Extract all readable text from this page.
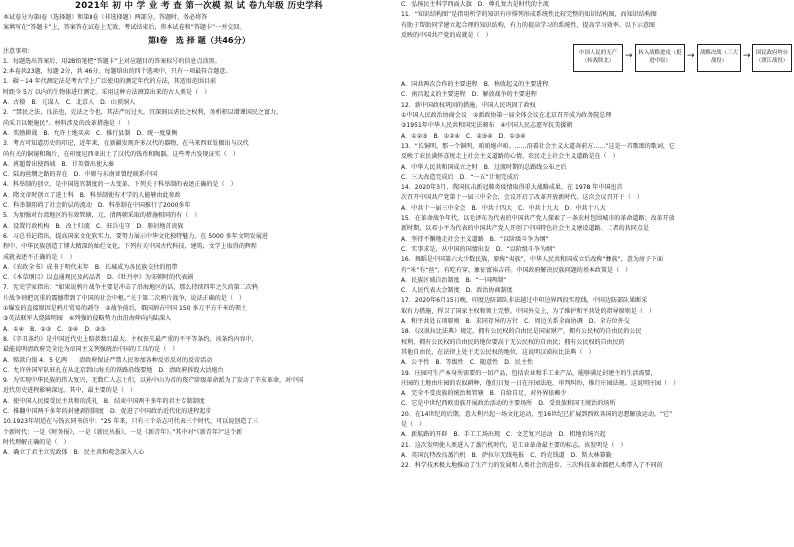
2021年 初 中 学 业 考 查 第一次模 拟 试 卷九年级 历史学科
本试卷分为第Ⅰ卷（选择题）和第Ⅱ卷（非选择题）两部分。答题时，务必将答
案填写在“答题卡”上，答案答在试卷上无效。考试结束后，将本试卷和“答题卡”一并交回。
第Ⅰ卷　选 择 题（共46分）
注意事项：
1．每题选出答案后，用2B铅笔把“答题卡”上对应题目的答案标号的信息点涂黑。
2.本卷共23题，每题 2分，共 46分。每题给出的四个选项中，只有一项最符合题意。
1．碳－14 年代测定法是考古学上广泛使用的测定年代的方法，其适用范围目前
时距今 5万 以内的生物体进行测定。采用这种方法测算出来的古人类是（　）
A．古猿　B．元谋人　C．北京人　D．山顶洞人
2．“禁民之法，良法也，克法之令也，其法严厉过火，宜深刻以虐民之权利，务析积以增课国民之富力，
尚采卫以便施民”。材料涉及的改革措施是（　）
A．奖励耕战　B．允许土地买卖　C．推行县制　D．统一度量衡
3．考古可知道历史的印记，近年来，在新疆发现许多汉代的器物，在马来西亚发掘出与汉代
尚有关的铜镜和陶片，在印度尼西亚出土了汉代的钱币和陶器。这些考古发现证实（　）
A．班超曾出使西域　B．甘英曾出使大秦
C．陆海丝绸之路的存在　D．中原与东南亚曾经联系中国
4．科举制的创立，是中国选官制度的一大变革。下列关于科举制的表述正确的是（　）
A．隋文帝时创立了进士科　B．科举制使有才学的人能够由此参政
C．科举制阻碍了社会阶层的流动　D．科举制在中国推行了2000多年
5．为加强对台湾地区的有效管辖，元、清两朝采取的措施相同的有（　）
A．设置行政机构　B．改土归流　C．驻兵屯守　D．册封地首贵族
6．习总书记指出，提高国家文化软实力，要努力展示中华文化独特魅力。在 5000 多年文明发展进
程中，中华民族创造了博大精深的灿烂文化。下列有关中国古代科技、建筑、文学上取得的辉煌
成就表述不正确的是（　）
A．《农政全书》成书于明代末年　B．长城成为各民族交往的纽带
C．《本草纲目》以直通观民及药品者　D．《牡丹亭》为宋朝时的代表剧
7．宪史学家指出：“如果说鸦片战争主要是冲击了沿海地区的话，那么持续四年之久的第二次鸦
片战争则把沉重的震撼带到了中国的社会中枢。”关于第二次鸦片战争，说法正确的是（　）
①爆发的直接原因是鸦片贸易的剥夺　②战争前后，俄国割占中国 150 多万平方千米的领土
③英法联军大烧圆明园　④列强的侵略势力由沿海伸向内陆深入
A．①④　B．②③　C．③④　D．②③
8．《辛丑条约》是中国近代史上赔款数目最大、主权丧失最严重的不平等条约。该条约内容中，
最能说明清政府完全沦为帝国主义列强统治中国的工具的是（　）
A．赔款白银 4．5 亿两　　清政府保证严禁人民参加各种反帝反对的反帝活动
C．允许外国军队驻扎在从北京到山海关的铁路沿线要地　D．清政府拆毁大沽炮台
9．为实现中华民族的伟大复兴，无数仁人志士们，以孙中山为首的资产阶级革命派为了发动了辛亥革命，对中国
近代历史进程影响深远。其中，最主要的是（　）
A．使中国人民接受民主共和的洗礼　B．结束中国两千多年的君主专制制度
C．推翻中国两千多年的封建剥削制度　D．促进了中国政治近代化的进程起步
10.1923年胡适在与钱玄同书信中：“25 年来，只有三个杂志可代表三个时代，可以说创造了三
个新时代：一是《时务报》，一是《新民丛报》，一是《新青年》。”其中对“《新青年》”这个新
时代理解正确的是（　）
A．确立了君主立宪政体　B．民主共和观念深入人心
C．弘扬民主科学西面大旗　D．尊孔复古是时代的主流
11．“知识结构图”是指用所学的知识有序排列形成系统性比较完整的知识结构图，而知识结构图
有助于帮助同学建立起合理的知识结构，有力的提高学习的系统性，提高学习效率。以下示意图
反映的中国共产党的成就是（　）
中国人民的无产（转战陕北）	→	转入战略进攻（挺进中原）	→	战略决战（三大战役）	→ 国民政府垮台（渡江战役）
A．国共两次合作的主要进程　B．秋收起义的主要进程
C．南昌起义的主要进程　D．解放战争的主要进程
12．新中国政权巩固的措施，中国人民巩固了政权
①中国人民政治协商会议　②新政协第一届全体会议在北京召开成为政务院总理
③1951年中华人民共和国宪法颁布　④中国人民志愿军抗美援朝
A．①②③　B．①②④　C．②③④　D．①③④
13．“长铜明，那一个铜明，咱咱炮声咱。……沿着社会主义大道奔前方……”这是一首歌颂的歌词，它
反映了农民满怀喜悦走上社会主义道路的心情。农民走上社会主义道路是在（　）
A．中华人民共和国成立之时　B．过渡时期的总路线公布之后
C．三大改造完成后　D．“一五”计划完成后
14．2020年3月，我国抗击新冠肺炎疫情取得重大战略成果，在 1978 年中国也首
次召开中国共产党第十一届三中全会，会议开启了改革开放新时代。这次会议召开于（　）
A．中共十一届三中全会　B．中共十四大　C．中共十九大　D．中共十八大
15．在革命战争年代，以毛泽东为代表的中国共产党人探索了一条农村包围城市的革命道路；改革开放
新时期，以邓小平为代表的中国共产党人开创了中国特色社会主义建设道路。二者的共同点是
A．坚持不懈地走社会主义道路　B．“以阶级斗争为纲”
C．实事求是，从中国的国情出发　D．“以阶级斗争为纲”
16．舞蹈是中国第六大少数民族，原称“夷族”，中华人民共和国成立后改称“彝族”，意为房子下面
有“米”有“丝”，有吃有穿，象征富裕吉祥。中国政府解决民族问题的基本政策是（　）
A．民族区域自治制度　B．“一国两制”
C．人民代表大会制度　D．政治协商制度
17．2020年6月15日晚，印度边防部队非法越过中印边界西段实控线，中国边防部队果断采
取有力措施，捍卫了国家主权和领土完整。中国外交上，为了维护和平共处的指导原则是（　）
A．和平共处五项原则　B．求同存异的方针　C．周边关系全面协调　D．全方位外交
18．《汉谟拉比法典》规定，拥有公民权的自由民是国家财产，拥有公民权的自由民的公民
权利，拥有公民权的自由民的地位要高于无公民权的自由民；拥有公民权的自由民的
其他自由民，在法律上处于无公民权的地位，这说明汉谟拉比法典（　）
A．公平性　B．等级性　C．随意性　D．民主性
19．庄园可生产本身所需要的一切产品，包括农业和手工业产品，能够满足封建主的生活需要，
庄园的土地由庄园的农奴耕种，他们日复一日在庄园法庭，审判纠纷，推行庄园法规。这说明庄园（　）
A．完全不受贵族的统治和管辖　B．自给自足，对外界依赖少
C．它是中世纪西欧贵族开展政治活动的主要场所　D．受贵族和国王统治的场所
20．在14世纪的后期，意大利兴起一场文化运动，至16世纪已扩展到西欧各国的思想解放运动。“它”
是（　）
A．新航路的开辟　B．手工工场出现　C．文艺复兴运动　D．租地农场兴起
21．这次发明使人类进入了蒸汽机时代，是工业革命最主要的标志。该发明是（　）
A．英国瓦特改良蒸汽机　B．萨拉尔无线电报　C．约克钱道　D．斯大林幕勒
22．科学技术极大地推动了生产力的发展和人类社会的进步。三次科技革命都把人类带入了不同的
